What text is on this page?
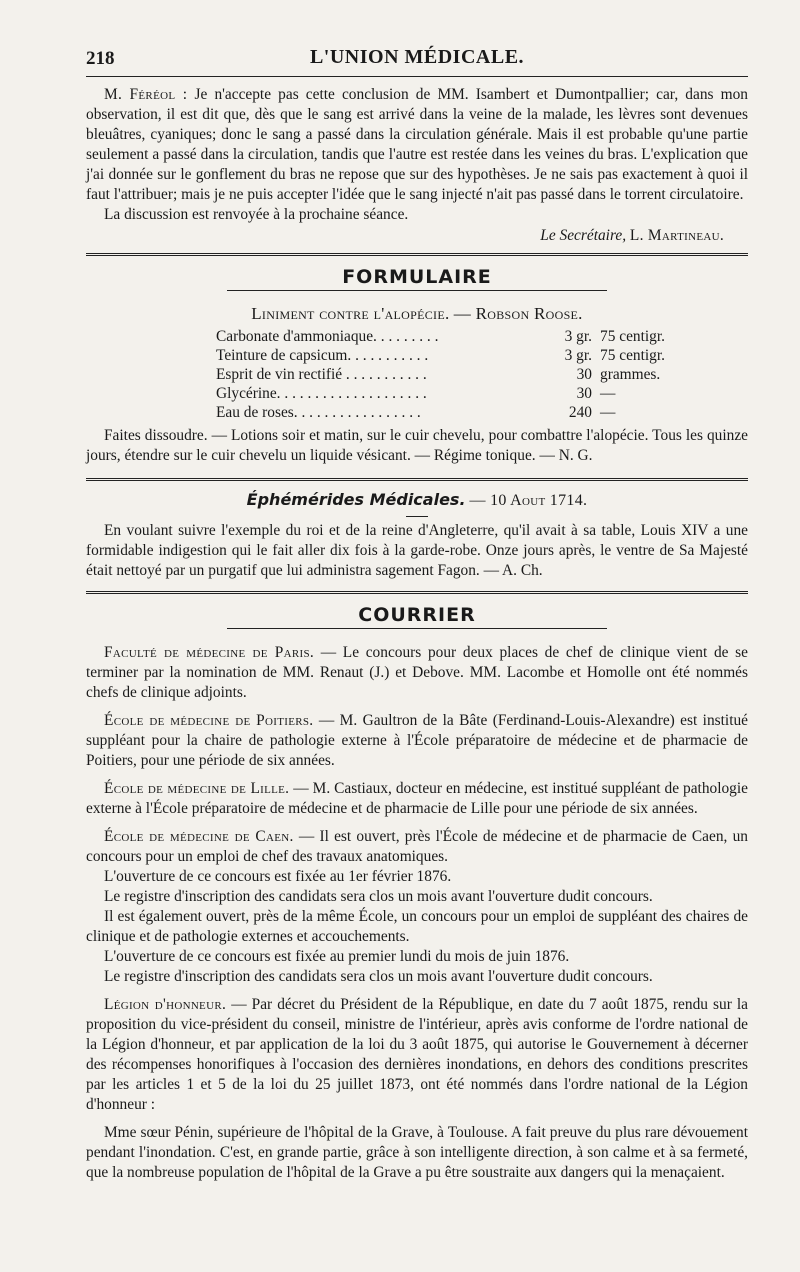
218	L'UNION MÉDICALE.

M. Féréol : Je n'accepte pas cette conclusion de MM. Isambert et Dumontpallier; car, dans mon observation, il est dit que, dès que le sang est arrivé dans la veine de la malade, les lèvres sont devenues bleuâtres, cyaniques; donc le sang a passé dans la circulation générale. Mais il est probable qu'une partie seulement a passé dans la circulation, tandis que l'autre est restée dans les veines du bras. L'explication que j'ai donnée sur le gonflement du bras ne repose que sur des hypothèses. Je ne sais pas exactement à quoi il faut l'attribuer; mais je ne puis accepter l'idée que le sang injecté n'ait pas passé dans le torrent circulatoire.

La discussion est renvoyée à la prochaine séance.

Le Secrétaire, L. Martineau.
FORMULAIRE
Liniment contre l'alopécie. — Robson Roose.
Carbonate d'ammoniaque. . . . . . . . .	3 gr.	75 centigr.
Teinture de capsicum. . . . . . . . . . .	3 gr.	75 centigr.
Esprit de vin rectifié . . . . . . . . . . .	30	grammes.
Glycérine. . . . . . . . . . . . . . . . . . . .	30	—
Eau de roses. . . . . . . . . . . . . . . . .	240	—

Faites dissoudre. — Lotions soir et matin, sur le cuir chevelu, pour combattre l'alopécie. Tous les quinze jours, étendre sur le cuir chevelu un liquide vésicant. — Régime tonique. — N. G.

Éphémérides Médicales. — 10 Aout 1714.

En voulant suivre l'exemple du roi et de la reine d'Angleterre, qu'il avait à sa table, Louis XIV a une formidable indigestion qui le fait aller dix fois à la garde-robe. Onze jours après, le ventre de Sa Majesté était nettoyé par un purgatif que lui administra sagement Fagon. — A. Ch.

COURRIER

Faculté de médecine de Paris. — Le concours pour deux places de chef de clinique vient de se terminer par la nomination de MM. Renaut (J.) et Debove. MM. Lacombe et Homolle ont été nommés chefs de clinique adjoints.

École de médecine de Poitiers. — M. Gaultron de la Bâte (Ferdinand-Louis-Alexandre) est institué suppléant pour la chaire de pathologie externe à l'École préparatoire de médecine et de pharmacie de Poitiers, pour une période de six années.

École de médecine de Lille. — M. Castiaux, docteur en médecine, est institué suppléant de pathologie externe à l'École préparatoire de médecine et de pharmacie de Lille pour une période de six années.

École de médecine de Caen. — Il est ouvert, près l'École de médecine et de pharmacie de Caen, un concours pour un emploi de chef des travaux anatomiques.

L'ouverture de ce concours est fixée au 1er février 1876.

Le registre d'inscription des candidats sera clos un mois avant l'ouverture dudit concours.

Il est également ouvert, près de la même École, un concours pour un emploi de suppléant des chaires de clinique et de pathologie externes et accouchements.

L'ouverture de ce concours est fixée au premier lundi du mois de juin 1876.

Le registre d'inscription des candidats sera clos un mois avant l'ouverture dudit concours.

Légion d'honneur. — Par décret du Président de la République, en date du 7 août 1875, rendu sur la proposition du vice-président du conseil, ministre de l'intérieur, après avis conforme de l'ordre national de la Légion d'honneur, et par application de la loi du 3 août 1875, qui autorise le Gouvernement à décerner des récompenses honorifiques à l'occasion des dernières inondations, en dehors des conditions prescrites par les articles 1 et 5 de la loi du 25 juillet 1873, ont été nommés dans l'ordre national de la Légion d'honneur :

Mme sœur Pénin, supérieure de l'hôpital de la Grave, à Toulouse. A fait preuve du plus rare dévouement pendant l'inondation. C'est, en grande partie, grâce à son intelligente direction, à son calme et à sa fermeté, que la nombreuse population de l'hôpital de la Grave a pu être soustraite aux dangers qui la menaçaient.
